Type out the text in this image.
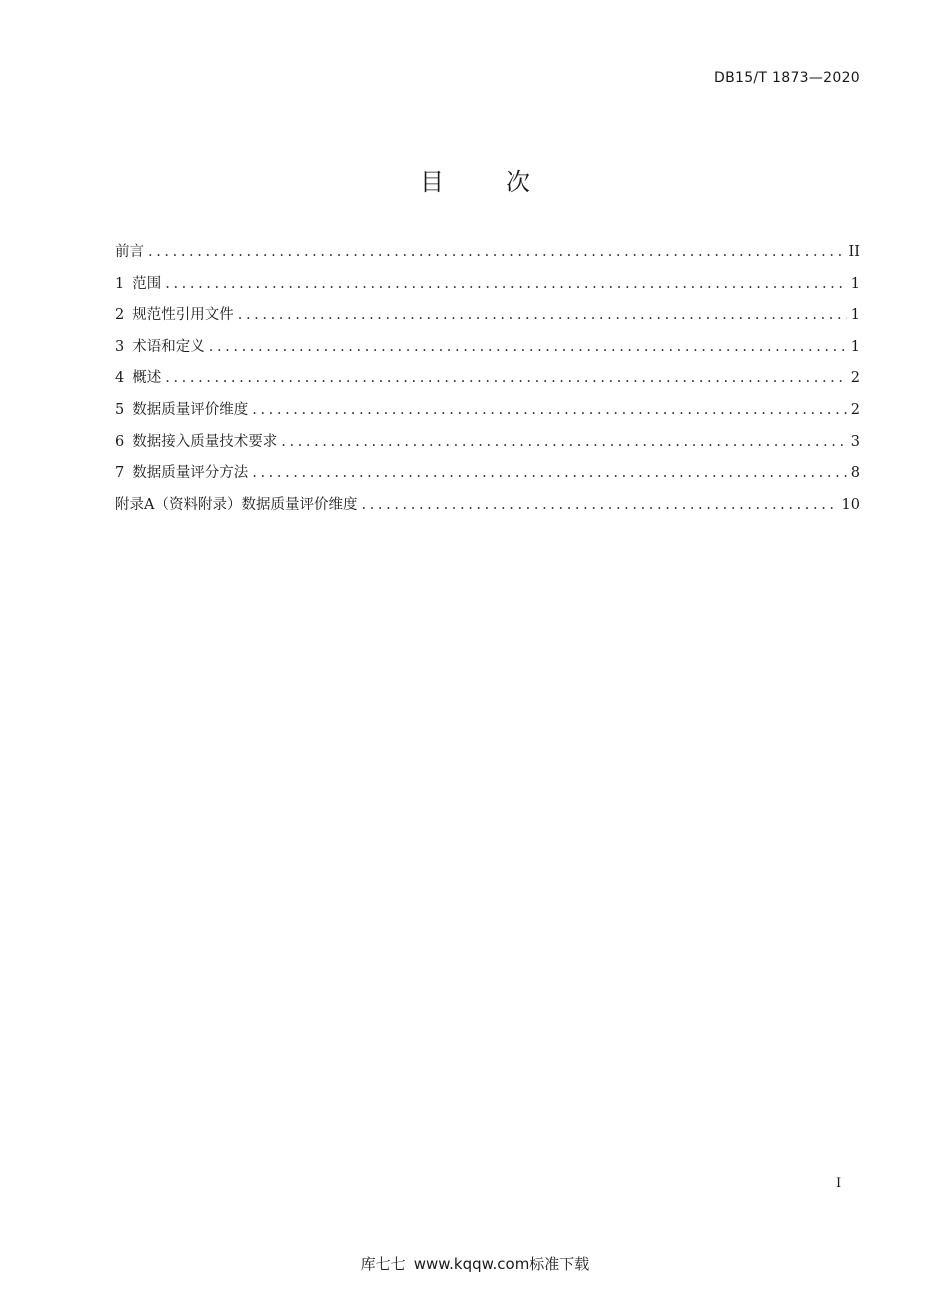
DB15/T 1873—2020
目	次
前言 .....	II
1 范围 .....	1
2 规范性引用文件 .....	1
3 术语和定义 .....	1
4 概述 .....	2
5 数据质量评价维度 .....	2
6 数据接入质量技术要求 .....	3
7 数据质量评分方法 .....	8
附录A（资料附录）数据质量评价维度 .....	10
I
库七七 www.kqqw.com标准下载
